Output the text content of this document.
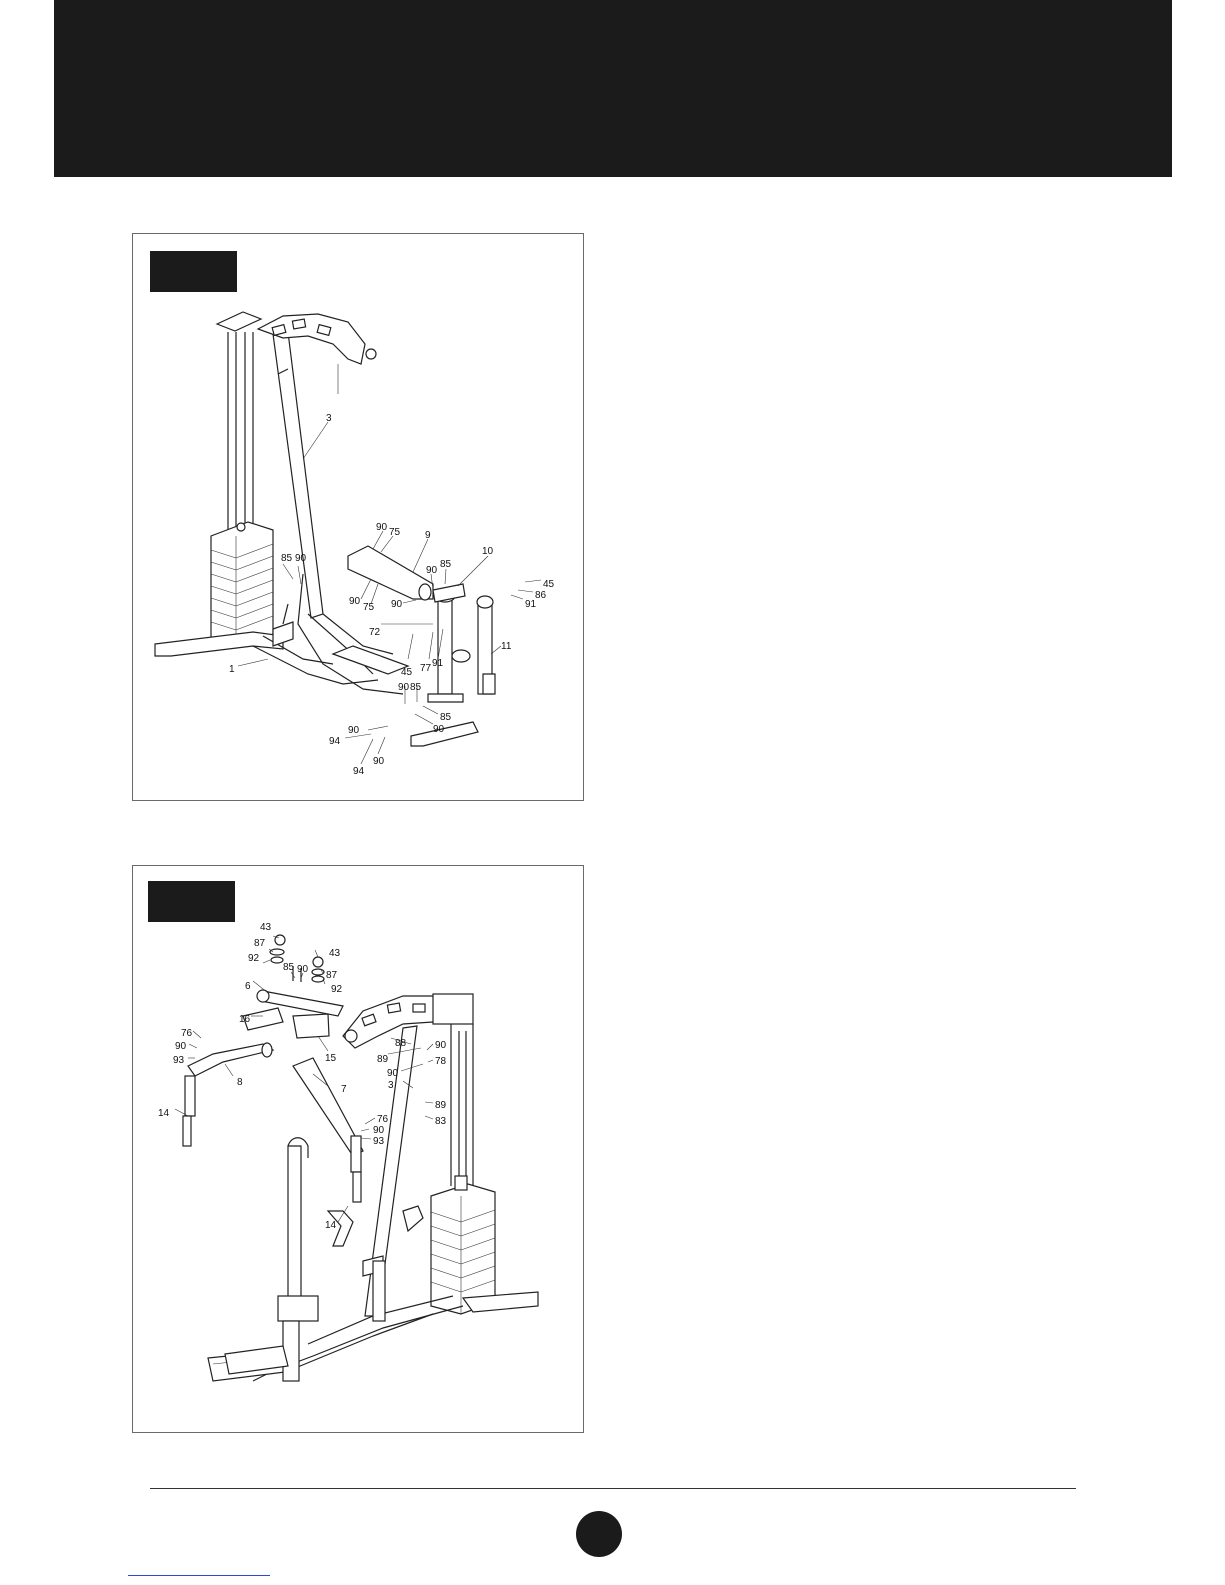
3
90 75 9
85 90
85
10
90
90
75
45
86
91
90
72
11
1	45 77 91
90 85
85
90
90
94
94
90
43
87
92	43
85 90
87
92
6
16
76
90
93
8
15
7
14
88
89
90
78
90
3
89
83
76
90
93
14
